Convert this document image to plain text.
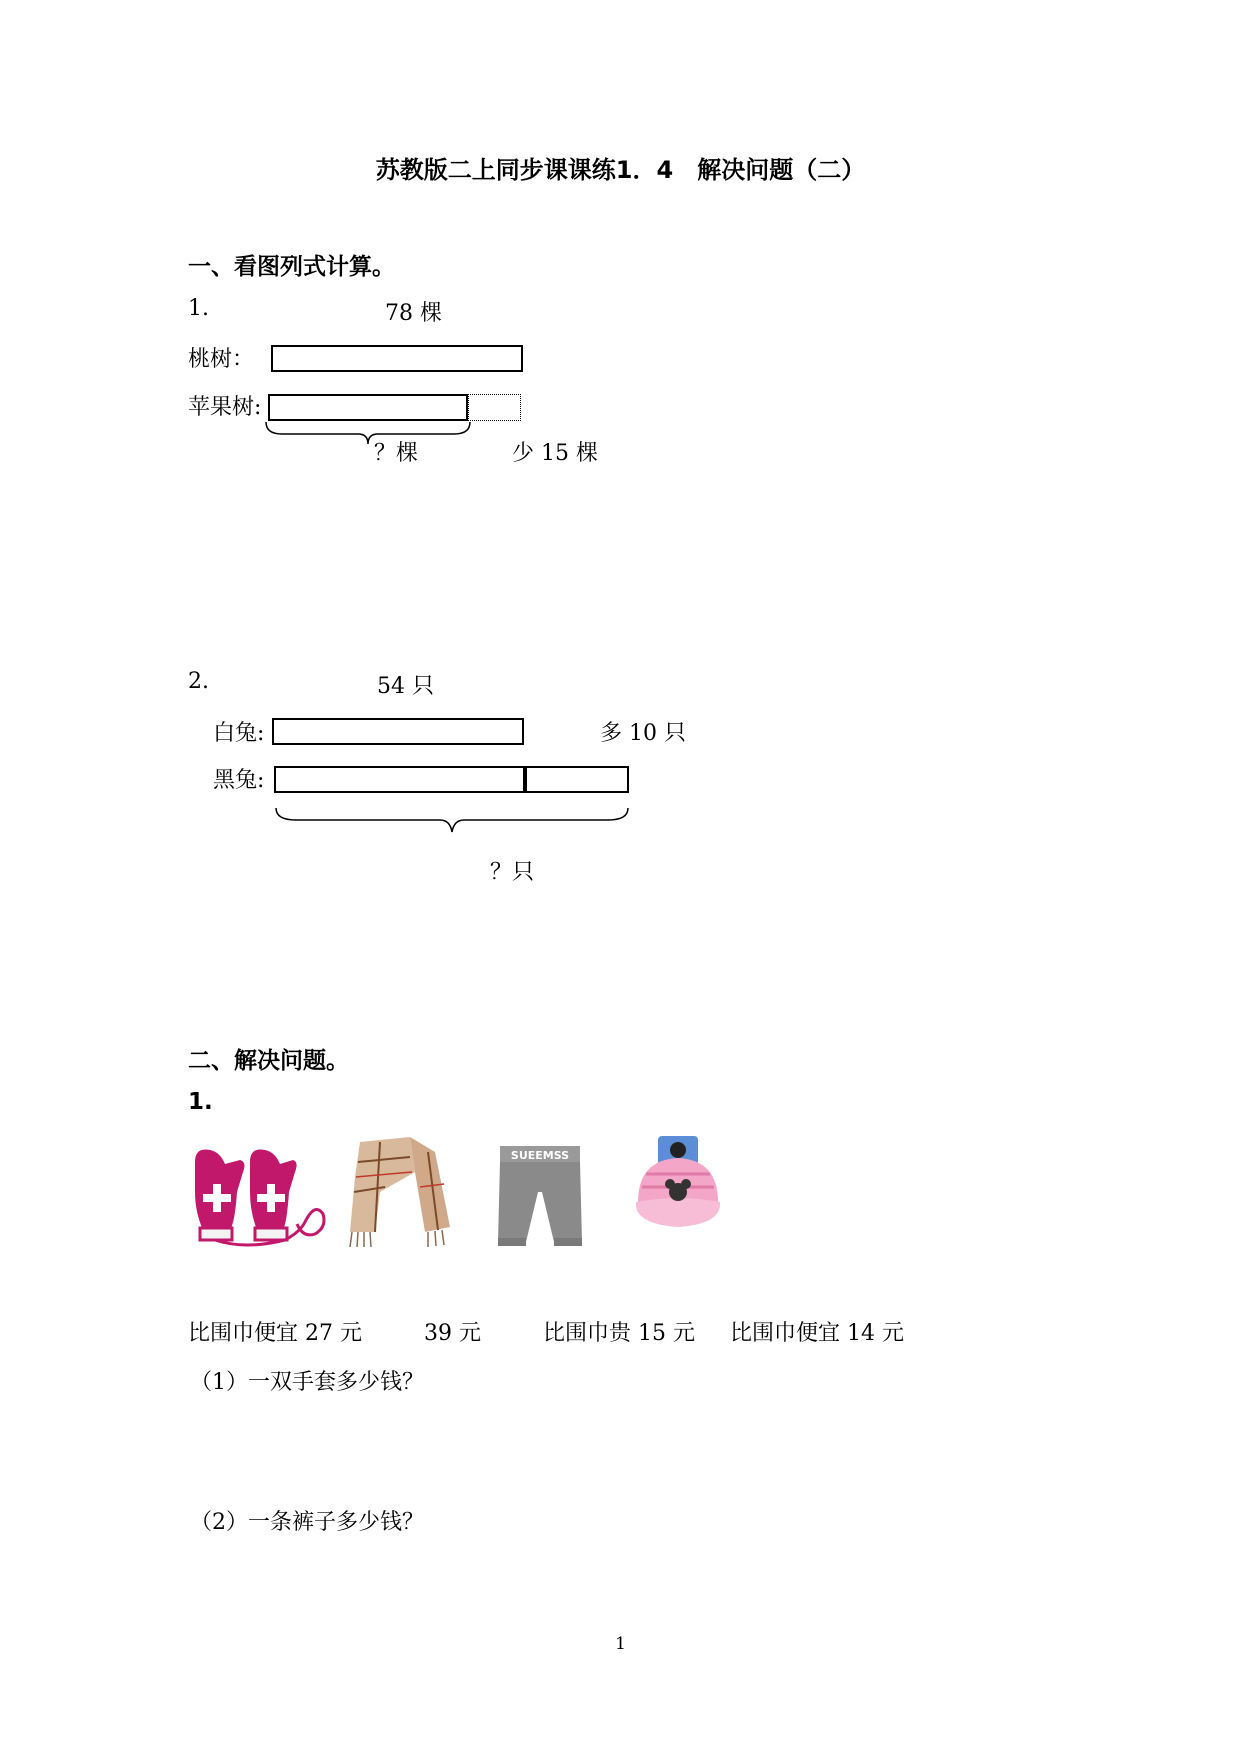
苏教版二上同步课课练1．4　解决问题（二）
一、看图列式计算。
1.	78 棵
桃树：
苹果树:
？棵	少 15 棵
2.	54 只
白兔:	多 10 只
黑兔:
？只
二、解决问题。
1.
SUEEMSS
比围巾便宜 27 元	39 元	比围巾贵 15 元 比围巾便宜 14 元
（1）一双手套多少钱？
（2）一条裤子多少钱？
1
